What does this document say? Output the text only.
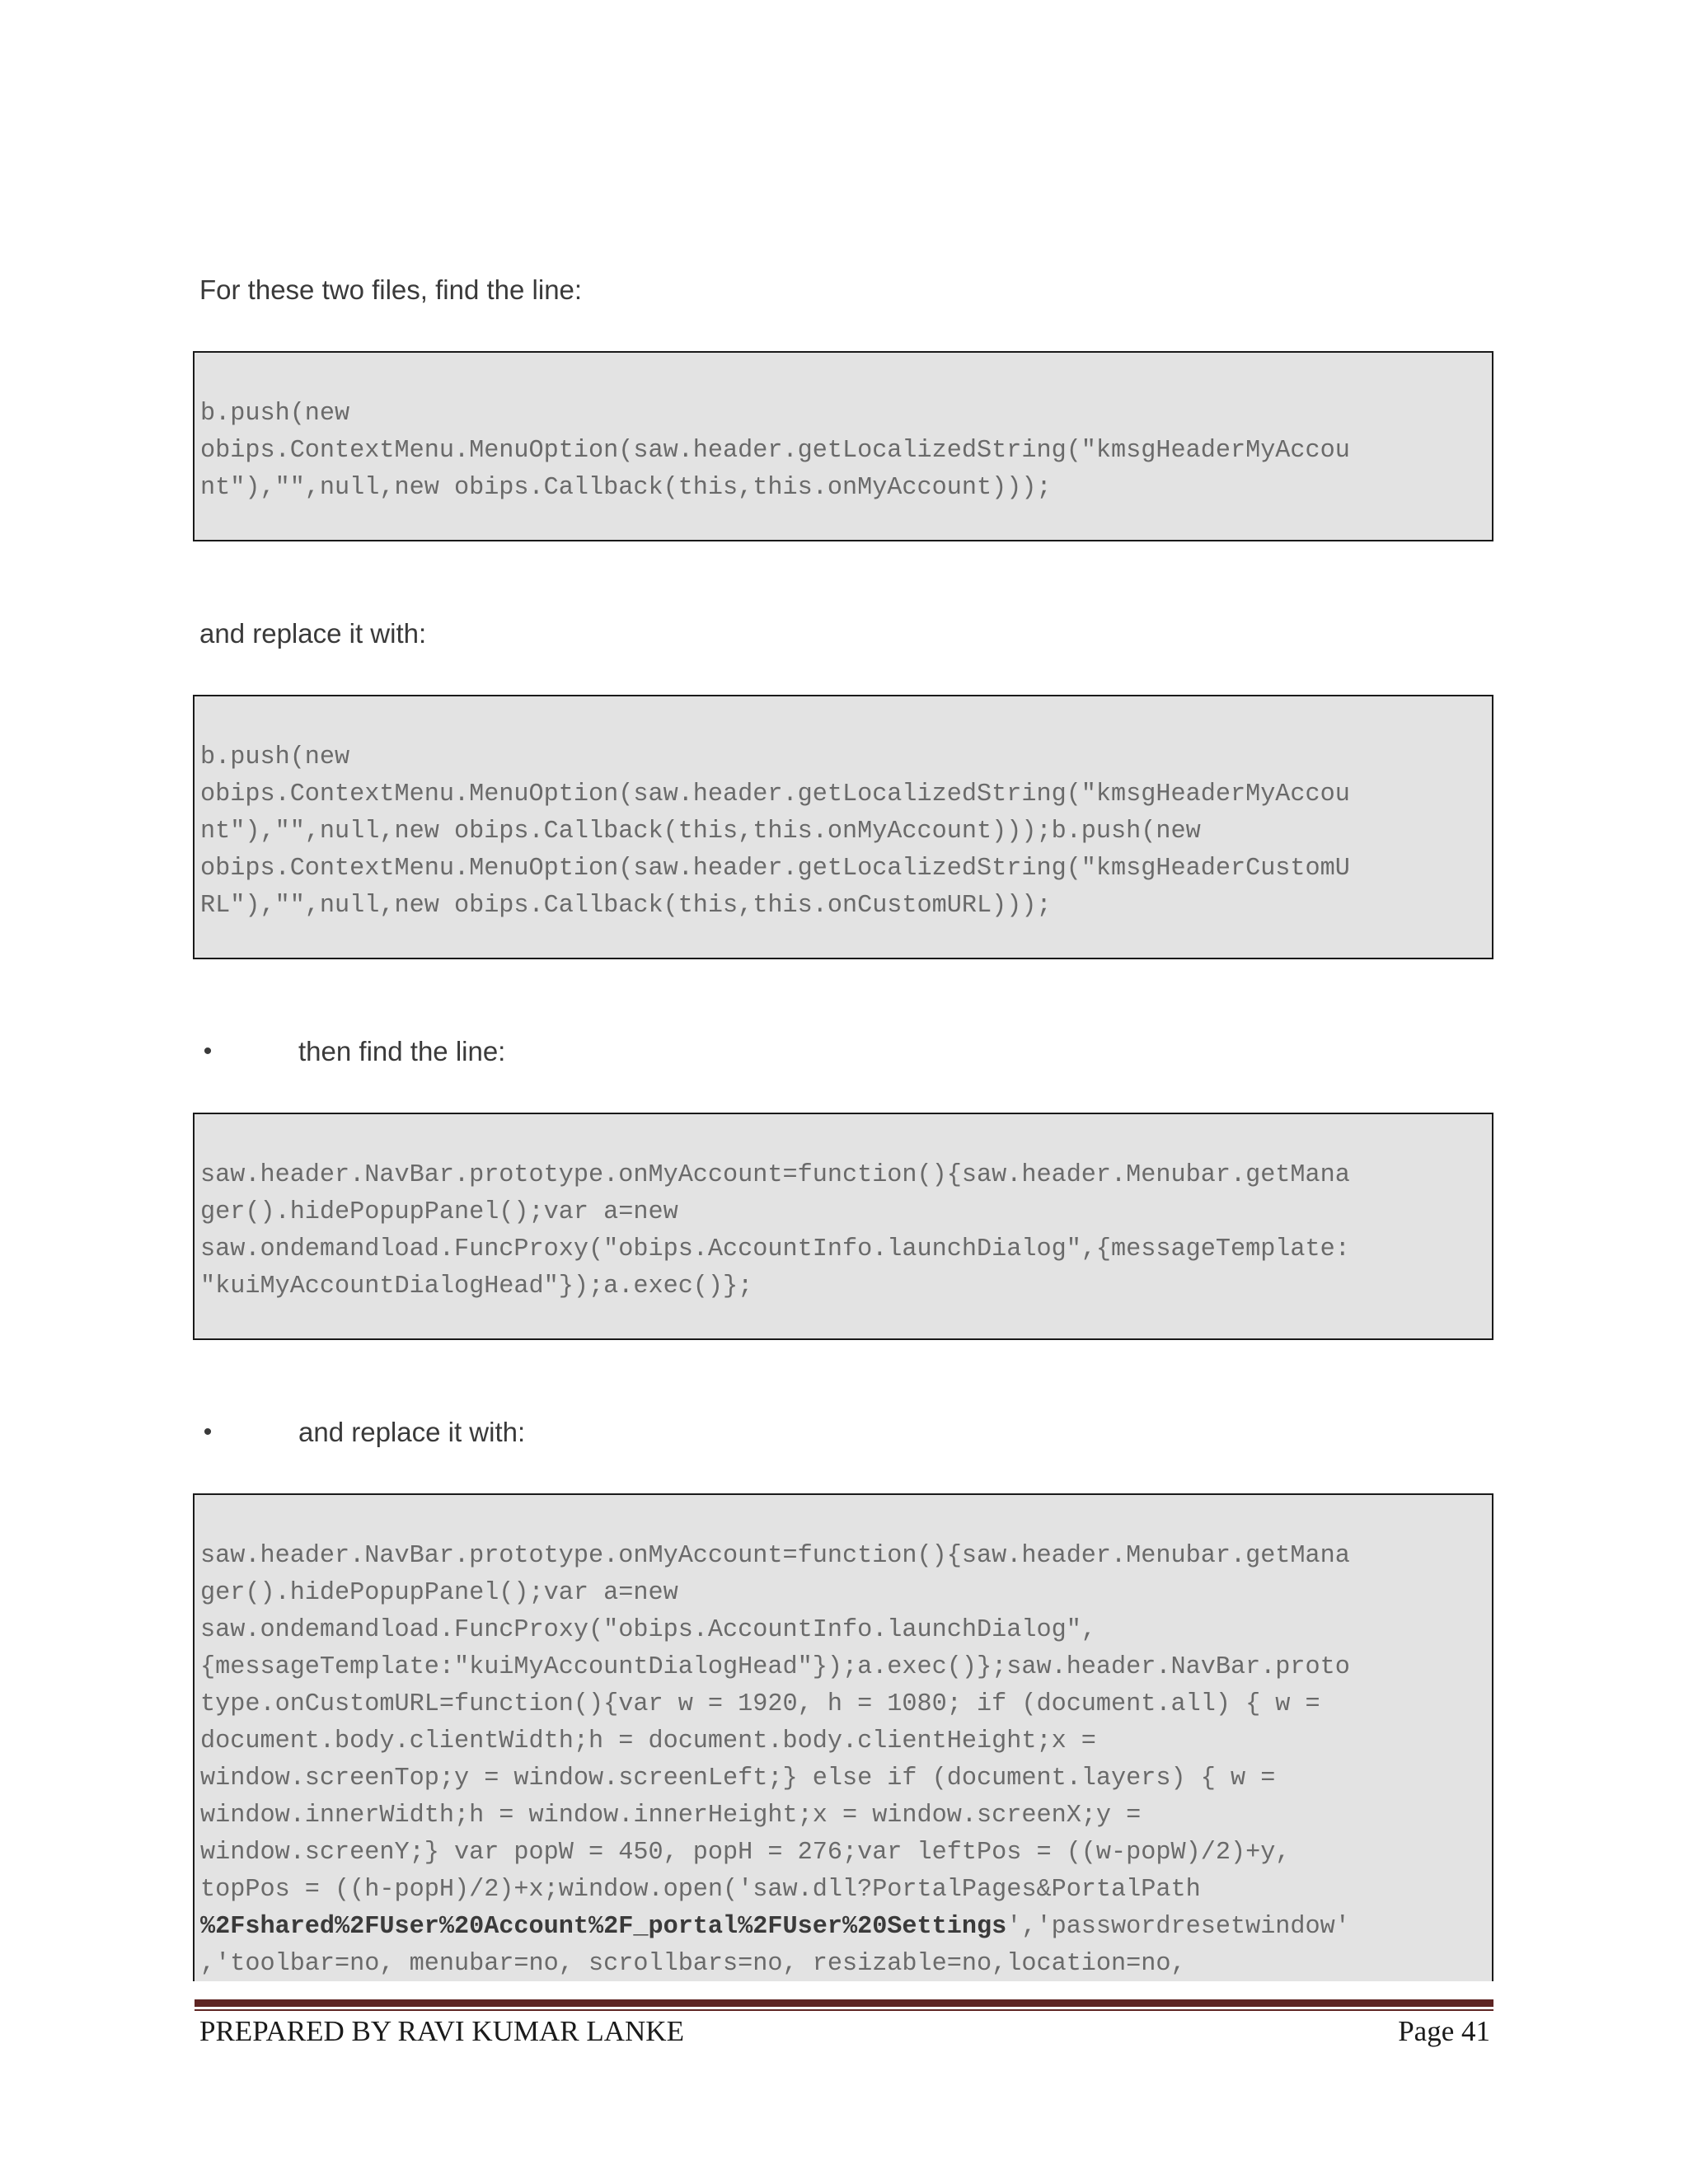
For these two files, find the line:
b.push(new
obips.ContextMenu.MenuOption(saw.header.getLocalizedString("kmsgHeaderMyAccou
nt"),"",null,new obips.Callback(this,this.onMyAccount)));
and replace it with:
b.push(new
obips.ContextMenu.MenuOption(saw.header.getLocalizedString("kmsgHeaderMyAccou
nt"),"",null,new obips.Callback(this,this.onMyAccount)));b.push(new
obips.ContextMenu.MenuOption(saw.header.getLocalizedString("kmsgHeaderCustomU
RL"),"",null,new obips.Callback(this,this.onCustomURL)));
•	then find the line:
saw.header.NavBar.prototype.onMyAccount=function(){saw.header.Menubar.getMana
ger().hidePopupPanel();var a=new
saw.ondemandload.FuncProxy("obips.AccountInfo.launchDialog",{messageTemplate:
"kuiMyAccountDialogHead"});a.exec()};
•	and replace it with:
saw.header.NavBar.prototype.onMyAccount=function(){saw.header.Menubar.getMana
ger().hidePopupPanel();var a=new
saw.ondemandload.FuncProxy("obips.AccountInfo.launchDialog",
{messageTemplate:"kuiMyAccountDialogHead"});a.exec()};saw.header.NavBar.proto
type.onCustomURL=function(){var w = 1920, h = 1080; if (document.all) { w =
document.body.clientWidth;h = document.body.clientHeight;x =
window.screenTop;y = window.screenLeft;} else if (document.layers) { w =
window.innerWidth;h = window.innerHeight;x = window.screenX;y =
window.screenY;} var popW = 450, popH = 276;var leftPos = ((w-popW)/2)+y,
topPos = ((h-popH)/2)+x;window.open('saw.dll?PortalPages&PortalPath
%2Fshared%2FUser%20Account%2F_portal%2FUser%20Settings','passwordresetwindow'
,'toolbar=no, menubar=no, scrollbars=no, resizable=no,location=no,
PREPARED BY RAVI KUMAR LANKE	Page 41
